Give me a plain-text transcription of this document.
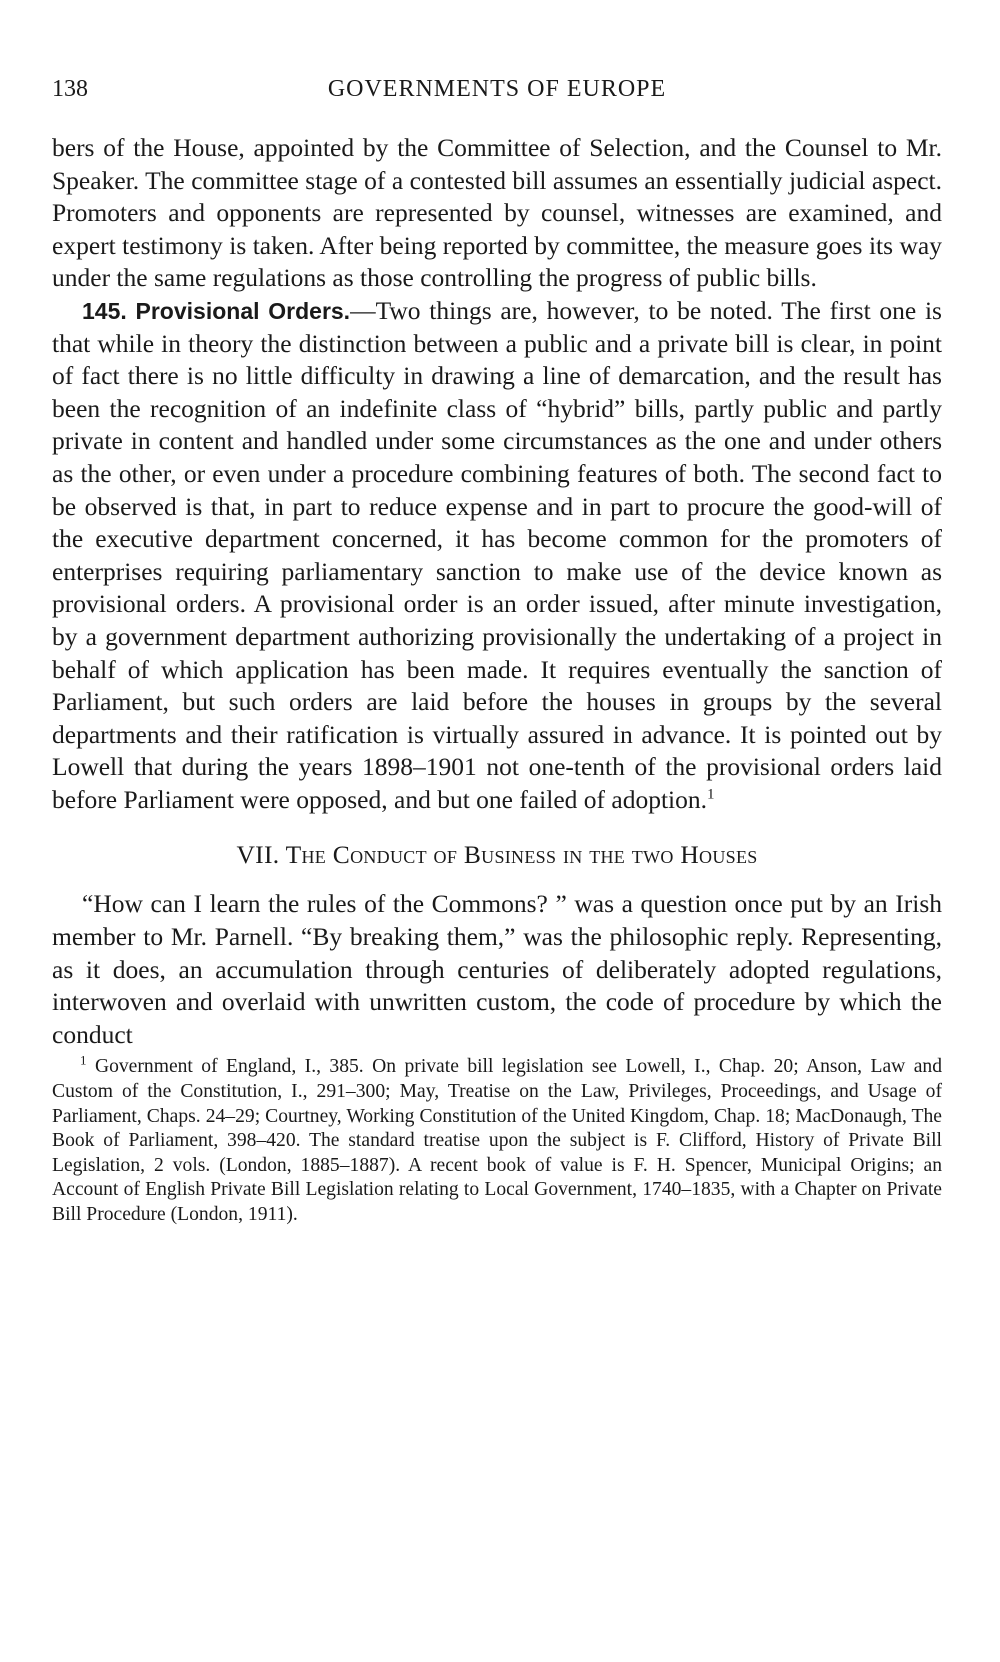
138	GOVERNMENTS OF EUROPE

bers of the House, appointed by the Committee of Selection, and the Counsel to Mr. Speaker. The committee stage of a contested bill assumes an essentially judicial aspect. Promoters and opponents are represented by counsel, witnesses are examined, and expert testimony is taken. After being reported by committee, the measure goes its way under the same regulations as those controlling the progress of public bills.

145. Provisional Orders.—Two things are, however, to be noted. The first one is that while in theory the distinction between a public and a private bill is clear, in point of fact there is no little difficulty in drawing a line of demarcation, and the result has been the recognition of an indefinite class of “hybrid” bills, partly public and partly private in content and handled under some circumstances as the one and under others as the other, or even under a procedure combining features of both. The second fact to be observed is that, in part to reduce expense and in part to procure the good-will of the executive department concerned, it has become common for the promoters of enterprises requiring parliamentary sanction to make use of the device known as provisional orders. A provisional order is an order issued, after minute investigation, by a government department authorizing provisionally the undertaking of a project in behalf of which application has been made. It requires eventually the sanction of Parliament, but such orders are laid before the houses in groups by the several departments and their ratification is virtually assured in advance. It is pointed out by Lowell that during the years 1898–1901 not one-tenth of the provisional orders laid before Parliament were opposed, and but one failed of adoption.$^1$

VII. The Conduct of Business in the two Houses

“How can I learn the rules of the Commons? ” was a question once put by an Irish member to Mr. Parnell. “By breaking them,” was the philosophic reply. Representing, as it does, an accumulation through centuries of deliberately adopted regulations, interwoven and overlaid with unwritten custom, the code of procedure by which the conduct

$^1$ Government of England, I., 385. On private bill legislation see Lowell, I., Chap. 20; Anson, Law and Custom of the Constitution, I., 291–300; May, Treatise on the Law, Privileges, Proceedings, and Usage of Parliament, Chaps. 24–29; Courtney, Working Constitution of the United Kingdom, Chap. 18; MacDonaugh, The Book of Parliament, 398–420. The standard treatise upon the subject is F. Clifford, History of Private Bill Legislation, 2 vols. (London, 1885–1887). A recent book of value is F. H. Spencer, Municipal Origins; an Account of English Private Bill Legislation relating to Local Government, 1740–1835, with a Chapter on Private Bill Procedure (London, 1911).
